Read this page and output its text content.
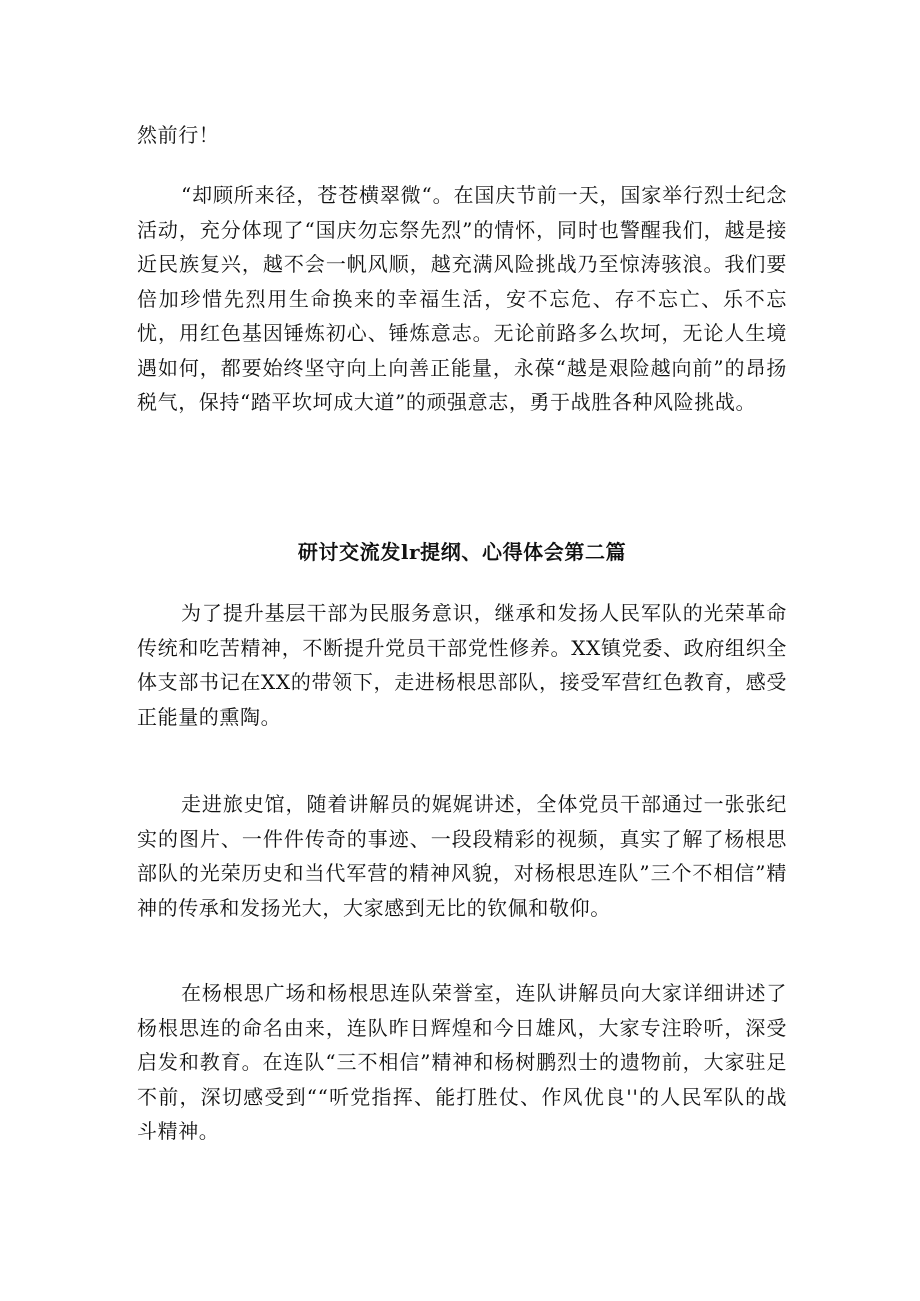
然前行！

“却顾所来径，苍苍横翠微“。在国庆节前一天，国家举行烈士纪念活动，充分体现了“国庆勿忘祭先烈”的情怀，同时也警醒我们，越是接近民族复兴，越不会一帆风顺，越充满风险挑战乃至惊涛骇浪。我们要倍加珍惜先烈用生命换来的幸福生活，安不忘危、存不忘亡、乐不忘忧，用红色基因锤炼初心、锤炼意志。无论前路多么坎坷，无论人生境遇如何，都要始终坚守向上向善正能量，永葆“越是艰险越向前”的昂扬税气，保持“踏平坎坷成大道”的顽强意志，勇于战胜各种风险挑战。

研讨交流发lr提纲、心得体会第二篇

为了提升基层干部为民服务意识，继承和发扬人民军队的光荣革命传统和吃苦精神，不断提升党员干部党性修养。XX镇党委、政府组织全体支部书记在XX的带领下，走进杨根思部队，接受军营红色教育，感受正能量的熏陶。

走进旅史馆，随着讲解员的娓娓讲述，全体党员干部通过一张张纪实的图片、一件件传奇的事迹、一段段精彩的视频，真实了解了杨根思部队的光荣历史和当代军营的精神风貌，对杨根思连队”三个不相信”精神的传承和发扬光大，大家感到无比的钦佩和敬仰。

在杨根思广场和杨根思连队荣誉室，连队讲解员向大家详细讲述了杨根思连的命名由来，连队昨日辉煌和今日雄风，大家专注聆听，深受启发和教育。在连队“三不相信”精神和杨树鹏烈士的遗物前，大家驻足不前，深切感受到““听党指挥、能打胜仗、作风优良''的人民军队的战斗精神。
